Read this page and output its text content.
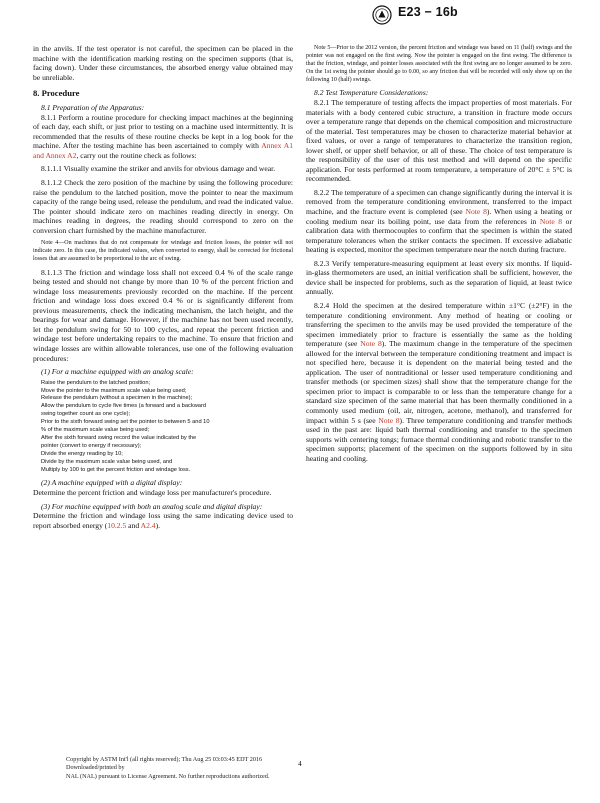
E23 − 16b

in the anvils. If the test operator is not careful, the specimen can be placed in the machine with the identification marking resting on the specimen supports (that is, facing down). Under these circumstances, the absorbed energy value obtained may be unreliable.

8. Procedure

8.1 Preparation of the Apparatus:

8.1.1 Perform a routine procedure for checking impact machines at the beginning of each day, each shift, or just prior to testing on a machine used intermittently. It is recommended that the results of these routine checks be kept in a log book for the machine. After the testing machine has been ascertained to comply with Annex A1 and Annex A2, carry out the routine check as follows:

8.1.1.1 Visually examine the striker and anvils for obvious damage and wear.

8.1.1.2 Check the zero position of the machine by using the following procedure: raise the pendulum to the latched position, move the pointer to near the maximum capacity of the range being used, release the pendulum, and read the indicated value. The pointer should indicate zero on machines reading directly in energy. On machines reading in degrees, the reading should correspond to zero on the conversion chart furnished by the machine manufacturer.

Note 4—On machines that do not compensate for windage and friction losses, the pointer will not indicate zero. In this case, the indicated values, when converted to energy, shall be corrected for frictional losses that are assumed to be proportional to the arc of swing.

8.1.1.3 The friction and windage loss shall not exceed 0.4 % of the scale range being tested and should not change by more than 10 % of the percent friction and windage loss measurements previously recorded on the machine. If the percent friction and windage loss does exceed 0.4 % or is significantly different from previous measurements, check the indicating mechanism, the latch height, and the bearings for wear and damage. However, if the machine has not been used recently, let the pendulum swing for 50 to 100 cycles, and repeat the percent friction and windage test before undertaking repairs to the machine. To ensure that friction and windage losses are within allowable tolerances, use one of the following evaluation procedures:

(1) For a machine equipped with an analog scale:

Raise the pendulum to the latched position;
Move the pointer to the maximum scale value being used;
Release the pendulum (without a specimen in the machine);
Allow the pendulum to cycle five times (a forward and a backward
swing together count as one cycle);
Prior to the sixth forward swing set the pointer to between 5 and 10
% of the maximum scale value being used;
After the sixth forward swing record the value indicated by the
pointer (convert to energy if necessary);
Divide the energy reading by 10;
Divide by the maximum scale value being used, and
Multiply by 100 to get the percent friction and windage loss.

(2) A machine equipped with a digital display:

Determine the percent friction and windage loss per manufacturer's procedure.

(3) For machine equipped with both an analog scale and digital display:

Determine the friction and windage loss using the same indicating device used to report absorbed energy (10.2.5 and A2.4).

Note 5—Prior to the 2012 version, the percent friction and windage was based on 11 (half) swings and the pointer was not engaged on the first swing. Now the pointer is engaged on the first swing. The difference is that the friction, windage, and pointer losses associated with the first swing are no longer assumed to be zero. On the 1st swing the pointer should go to 0.00, so any friction that will be recorded will only show up on the following 10 (half) swings.

8.2 Test Temperature Considerations:

8.2.1 The temperature of testing affects the impact properties of most materials. For materials with a body centered cubic structure, a transition in fracture mode occurs over a temperature range that depends on the chemical composition and microstructure of the material. Test temperatures may be chosen to characterize material behavior at fixed values, or over a range of temperatures to characterize the transition region, lower shelf, or upper shelf behavior, or all of these. The choice of test temperature is the responsibility of the user of this test method and will depend on the specific application. For tests performed at room temperature, a temperature of 20°C ± 5°C is recommended.

8.2.2 The temperature of a specimen can change significantly during the interval it is removed from the temperature conditioning environment, transferred to the impact machine, and the fracture event is completed (see Note 8). When using a heating or cooling medium near its boiling point, use data from the references in Note 8 or calibration data with thermocouples to confirm that the specimen is within the stated temperature tolerances when the striker contacts the specimen. If excessive adiabatic heating is expected, monitor the specimen temperature near the notch during fracture.

8.2.3 Verify temperature-measuring equipment at least every six months. If liquid-in-glass thermometers are used, an initial verification shall be sufficient, however, the device shall be inspected for problems, such as the separation of liquid, at least twice annually.

8.2.4 Hold the specimen at the desired temperature within ±1°C (±2°F) in the temperature conditioning environment. Any method of heating or cooling or transferring the specimen to the anvils may be used provided the temperature of the specimen immediately prior to fracture is essentially the same as the holding temperature (see Note 8). The maximum change in the temperature of the specimen allowed for the interval between the temperature conditioning treatment and impact is not specified here, because it is dependent on the material being tested and the application. The user of nontraditional or lesser used temperature conditioning and transfer methods (or specimen sizes) shall show that the temperature change for the specimen prior to impact is comparable to or less than the temperature change for a standard size specimen of the same material that has been thermally conditioned in a commonly used medium (oil, air, nitrogen, acetone, methanol), and transferred for impact within 5 s (see Note 8). Three temperature conditioning and transfer methods used in the past are: liquid bath thermal conditioning and transfer to the specimen supports with centering tongs; furnace thermal conditioning and robotic transfer to the specimen supports; placement of the specimen on the supports followed by in situ heating and cooling.

Copyright by ASTM Int'l (all rights reserved); Thu Aug 25 03:03:45 EDT 2016
Downloaded/printed by
NAL (NAL) pursuant to License Agreement. No further reproductions authorized.
4
